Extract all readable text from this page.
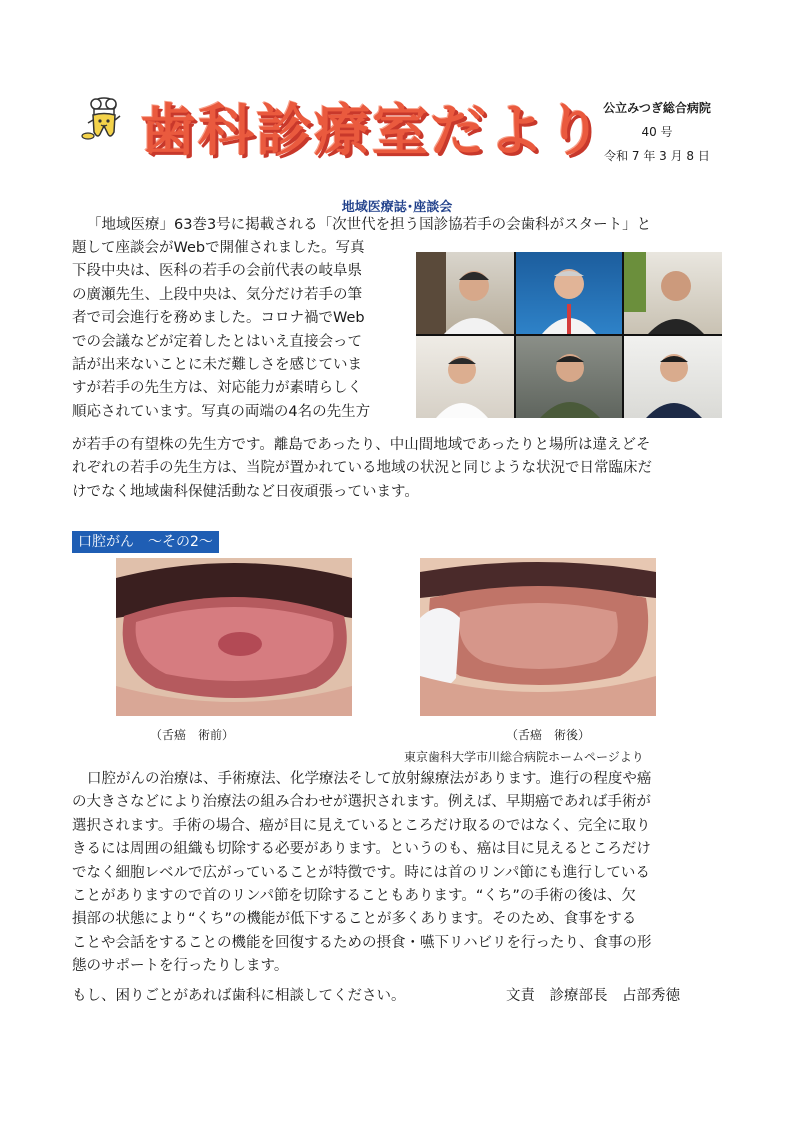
歯科診療室だより 公立みつぎ総合病院
40 号
令和 7 年 3 月 8 日
地域医療誌･座談会

「地域医療」63巻3号に掲載される「次世代を担う国診協若手の会歯科がスタート」と

題して座談会がWebで開催されました。写真

下段中央は、医科の若手の会前代表の岐阜県

の廣瀬先生、上段中央は、気分だけ若手の筆

者で司会進行を務めました。コロナ禍でWeb

での会議などが定着したとはいえ直接会って

話が出来ないことに未だ難しさを感じていま

すが若手の先生方は、対応能力が素晴らしく

順応されています。写真の両端の4名の先生方

が若手の有望株の先生方です。離島であったり、中山間地域であったりと場所は違えどそ

れぞれの若手の先生方は、当院が置かれている地域の状況と同じような状況で日常臨床だ

けでなく地域歯科保健活動など日夜頑張っています。

口腔がん　～その2～
（舌癌　術前）	（舌癌　術後）
東京歯科大学市川総合病院ホームページより

口腔がんの治療は、手術療法、化学療法そして放射線療法があります。進行の程度や癌

の大きさなどにより治療法の組み合わせが選択されます。例えば、早期癌であれば手術が

選択されます。手術の場合、癌が目に見えているところだけ取るのではなく、完全に取り

きるには周囲の組織も切除する必要があります。というのも、癌は目に見えるところだけ

でなく細胞レベルで広がっていることが特徴です。時には首のリンパ節にも進行している

ことがありますので首のリンパ節を切除することもあります。“くち”の手術の後は、欠

損部の状態により“くち”の機能が低下することが多くあります。そのため、食事をする

ことや会話をすることの機能を回復するための摂食・嚥下リハビリを行ったり、食事の形

態のサポートを行ったりします。

もし、困りごとがあれば歯科に相談してください。	文責　診療部長　占部秀徳
